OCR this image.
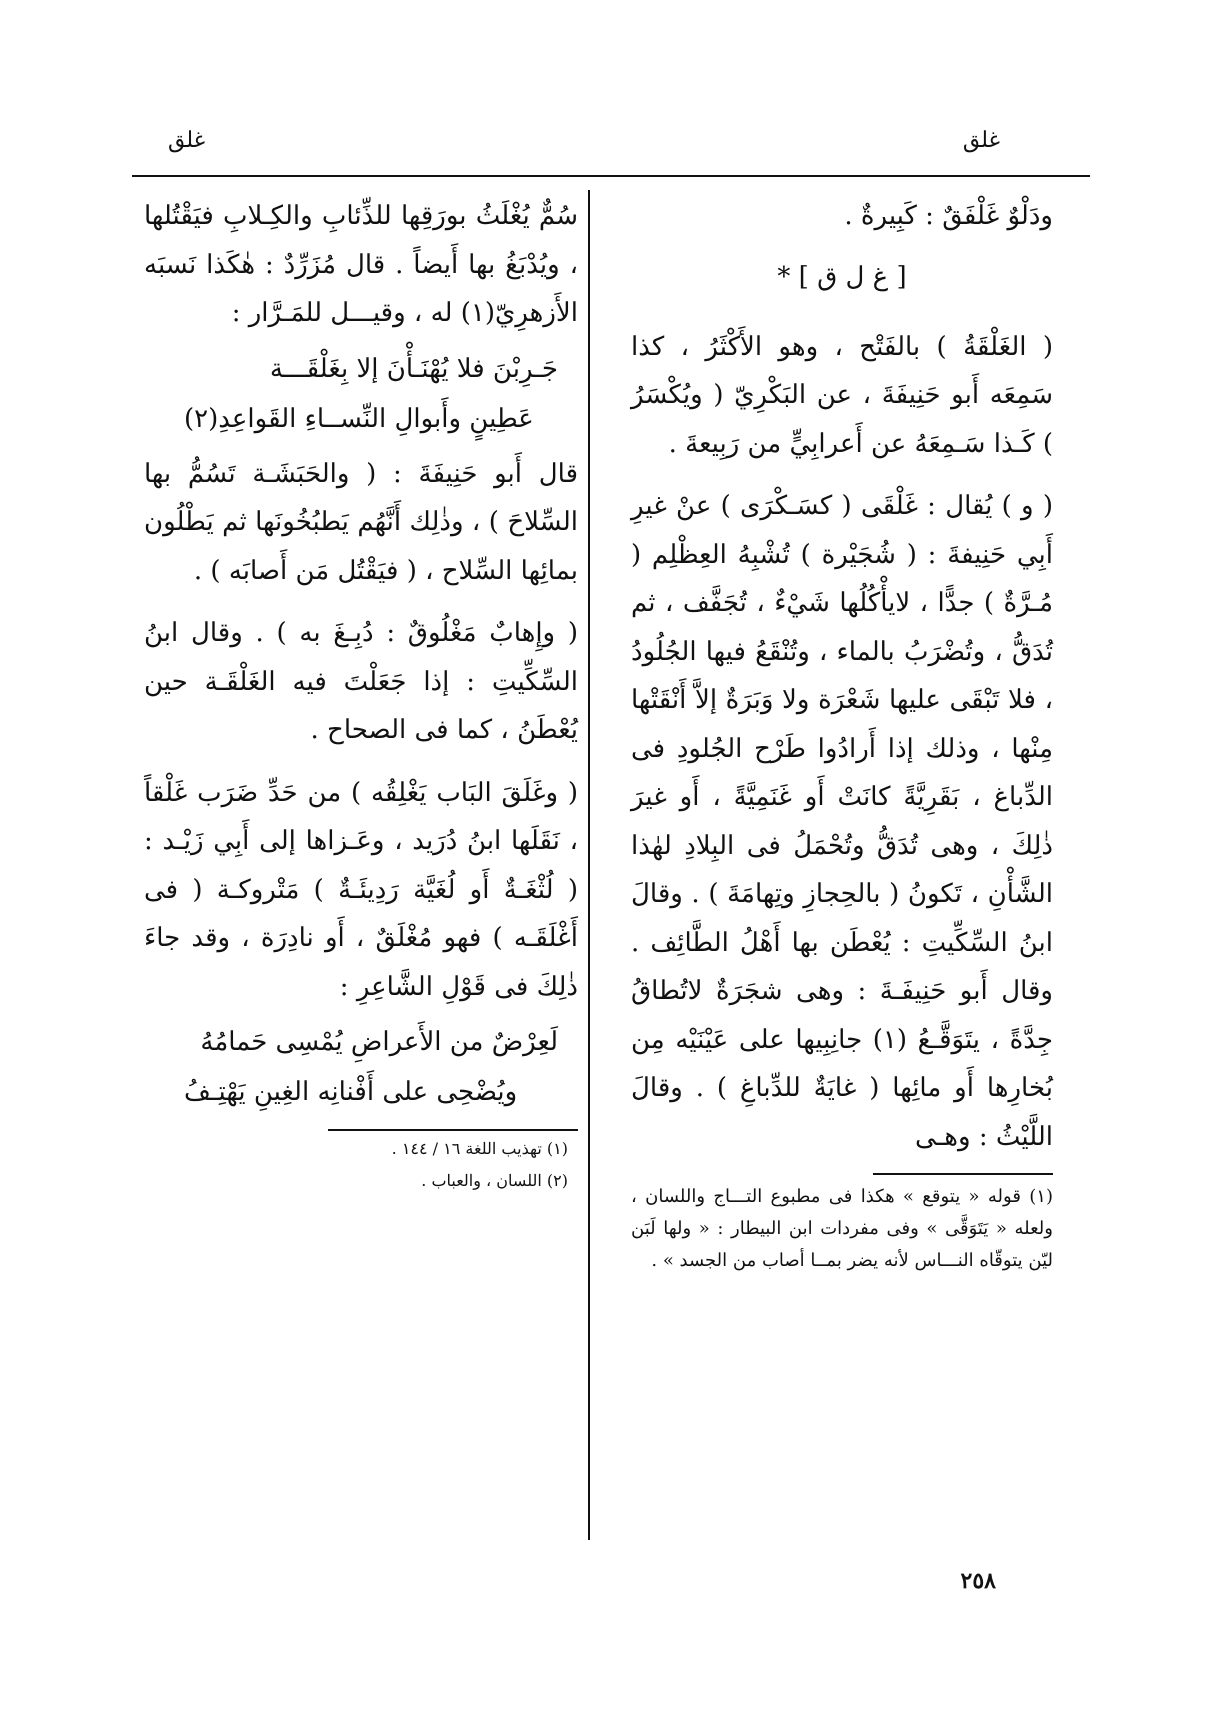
غلق
غلق

ودَلْوٌ غَلْفَقٌ : كَبِيرةٌ .

[ غ ل ق ] *

( الغَلْقَةُ ) بالفَتْح ، وهو الأَكْثَرُ ، كذا سَمِعَه أَبو حَنِيفَةَ ، عن البَكْرِيّ ( ويُكْسَرُ ) كَـذا سَـمِعَهُ عن أَعرابِيٍّ من رَبِيعةَ .

( و ) يُقال : غَلْقَى ( كسَـكْرَى ) عنْ غيرِ أَبِي حَنِيفةَ : ( شُجَيْرة ) تُشْبِهُ العِظْلِم ( مُـرَّةٌ ) جدًّا ، لايأْكُلُها شَيْءٌ ، تُجَفَّف ، ثم تُدَقُّ ، وتُضْرَبُ بالماء ، وتُنْقَعُ فيها الجُلُودُ ، فلا تَبْقَى عليها شَعْرَة ولا وَبَرَةٌ إلاَّ أَنْقَتْها مِنْها ، وذلك إذا أَرادُوا طَرْح الجُلودِ فى الدِّباغ ، بَقَرِيَّةً كانَتْ أَو غَنَمِيَّةً ، أَو غيرَ ذٰلِكَ ، وهى تُدَقُّ وتُحْمَلُ فى البِلادِ لهٰذا الشَّأْنِ ، تَكونُ ( بالحِجازِ وتِهامَةَ ) . وقالَ ابنُ السِّكِّيتِ : يُعْطَن بها أَهْلُ الطَّائِف . وقال أَبو حَنِيفَـةَ : وهى شجَرَةٌ لاتُطاقُ جِدَّةً ، يتَوَقَّـعُ (١) جانِبِيها على عَيْنَيْه مِن بُخارِها أَو مائِها ( غايَةٌ للدِّباغِ ) . وقالَ اللَّيْثُ : وهـى

(١) قوله « يتوقع » هكذا فى مطبوع التـــاج واللسان ، ولعله « يَتَوَقَّى » وفى مفردات ابن البيطار : « ولها لَبَن ليّن يتوقّاه النـــاس لأنه يضر بمــا أصاب من الجسد » .

سُمٌّ يُغْلَثُ بورَقِها للذِّئابِ والكِـلابِ فيَقْتُلها ، ويُدْبَغُ بها أَيضاً . قال مُزَرِّدٌ : هٰكَذا نَسبَه الأَزهرِيّ(١) له ، وقيـــل للمَـرَّار :

جَـرِبْنَ فلا يُهْنَـأْنَ إلا بِغَلْقَـــة
عَطِينٍ وأَبوالِ النِّســاءِ القَواعِدِ(٢)

قال أَبو حَنِيفَةَ : ( والحَبَشَـة تَسُمُّ بها السِّلاحَ ) ، وذٰلِك أَنَّهُم يَطبُخُونَها ثم يَطْلُون بمائِها السِّلاح ، ( فيَقْتُل مَن أَصابَه ) .

( وإِهابٌ مَغْلُوقٌ : دُبِـغَ به ) . وقال ابنُ السِّكِّيتِ : إذا جَعَلْتَ فيه الغَلْقَـة حين يُعْطَنُ ، كما فى الصحاح .

( وغَلَقَ البَاب يَغْلِقُه ) من حَدِّ ضَرَب غَلْقاً ، نَقَلَها ابنُ دُرَيد ، وعَـزاها إلى أَبِي زَيْـد : ( لُثْغَـةٌ أَو لُغَيَّة رَدِيئَـةٌ ) مَتْروكـة ( فى أَغْلَقَـه ) فهو مُغْلَقٌ ، أَو نادِرَة ، وقد جاءَ ذٰلِكَ فى قَوْلِ الشَّاعِرِ :

لَعِرْضٌ من الأَعراضِ يُمْسِى حَمامُهُ
ويُضْحِى على أَفْنانِه الغِينِ يَهْتِـفُ

(١) تهذيب اللغة ١٦ / ١٤٤ .

(٢) اللسان ، والعباب .

٢٥٨
